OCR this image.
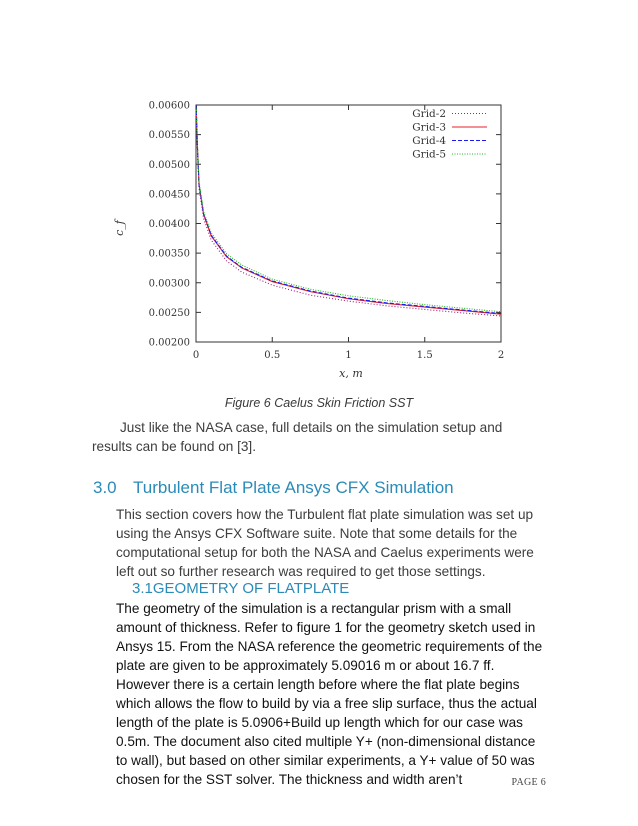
0	0.5	1	1.5	2
0.00200
0.00250
0.00300
0.00350
0.00400
0.00450
0.00500
0.00550
0.00600
Grid-2
Grid-3
Grid-4
Grid-5
x, m
c_f
Figure 6 Caelus Skin Friction SST

Just like the NASA case, full details on the simulation setup and results can be found on [3].

3.0 Turbulent Flat Plate Ansys CFX Simulation

This section covers how the Turbulent flat plate simulation was set up using the Ansys CFX Software suite. Note that some details for the computational setup for both the NASA and Caelus experiments were left out so further research was required to get those settings.

3.1GEOMETRY OF FLATPLATE

The geometry of the simulation is a rectangular prism with a small amount of thickness. Refer to figure 1 for the geometry sketch used in Ansys 15. From the NASA reference the geometric requirements of the plate are given to be approximately 5.09016 m or about 16.7 ff. However there is a certain length before where the flat plate begins which allows the flow to build by via a free slip surface, thus the actual length of the plate is 5.0906+Build up length which for our case was 0.5m. The document also cited multiple Y+ (non-dimensional distance to wall), but based on other similar experiments, a Y+ value of 50 was chosen for the SST solver. The thickness and width aren’t	PAGE 6
